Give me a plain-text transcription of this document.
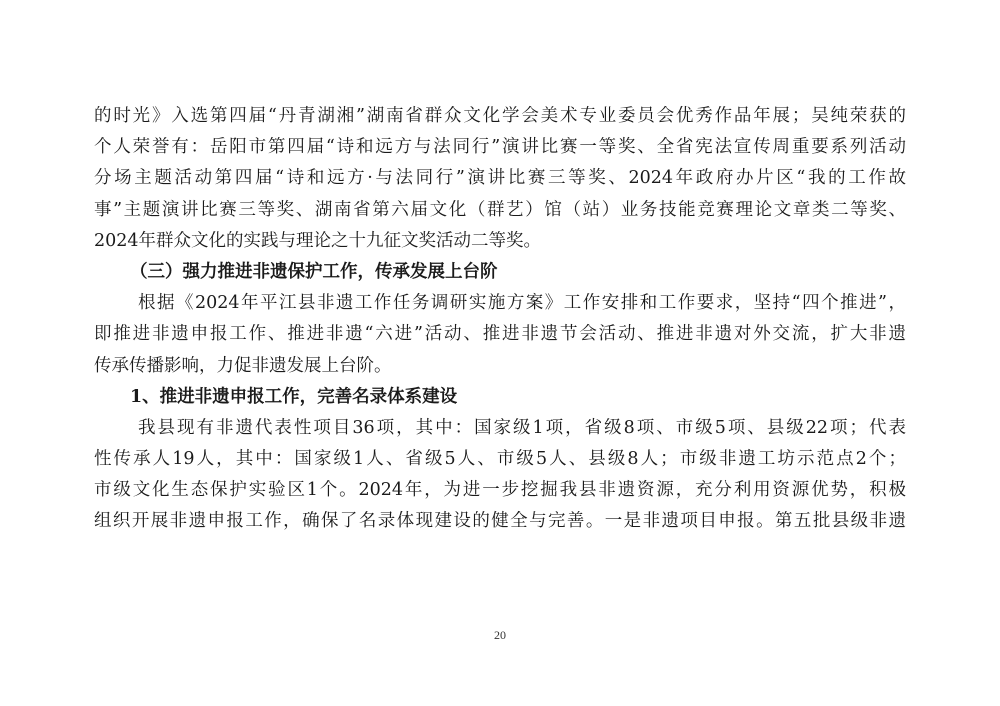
的时光》入选第四届“丹青湖湘”湖南省群众文化学会美术专业委员会优秀作品年展；吴纯荣获的
个人荣誉有：岳阳市第四届“诗和远方与法同行”演讲比赛一等奖、全省宪法宣传周重要系列活动
分场主题活动第四届“诗和远方·与法同行”演讲比赛三等奖、2024年政府办片区“我的工作故
事”主题演讲比赛三等奖、湖南省第六届文化（群艺）馆（站）业务技能竞赛理论文章类二等奖、
2024年群众文化的实践与理论之十九征文奖活动二等奖。
（三）强力推进非遗保护工作，传承发展上台阶
根据《2024年平江县非遗工作任务调研实施方案》工作安排和工作要求，坚持“四个推进”，
即推进非遗申报工作、推进非遗“六进”活动、推进非遗节会活动、推进非遗对外交流，扩大非遗
传承传播影响，力促非遗发展上台阶。
1、推进非遗申报工作，完善名录体系建设
我县现有非遗代表性项目36项，其中：国家级1项，省级8项、市级5项、县级22项；代表
性传承人19人，其中：国家级1人、省级5人、市级5人、县级8人；市级非遗工坊示范点2个；
市级文化生态保护实验区1个。2024年，为进一步挖掘我县非遗资源，充分利用资源优势，积极
组织开展非遗申报工作，确保了名录体现建设的健全与完善。一是非遗项目申报。第五批县级非遗
20
